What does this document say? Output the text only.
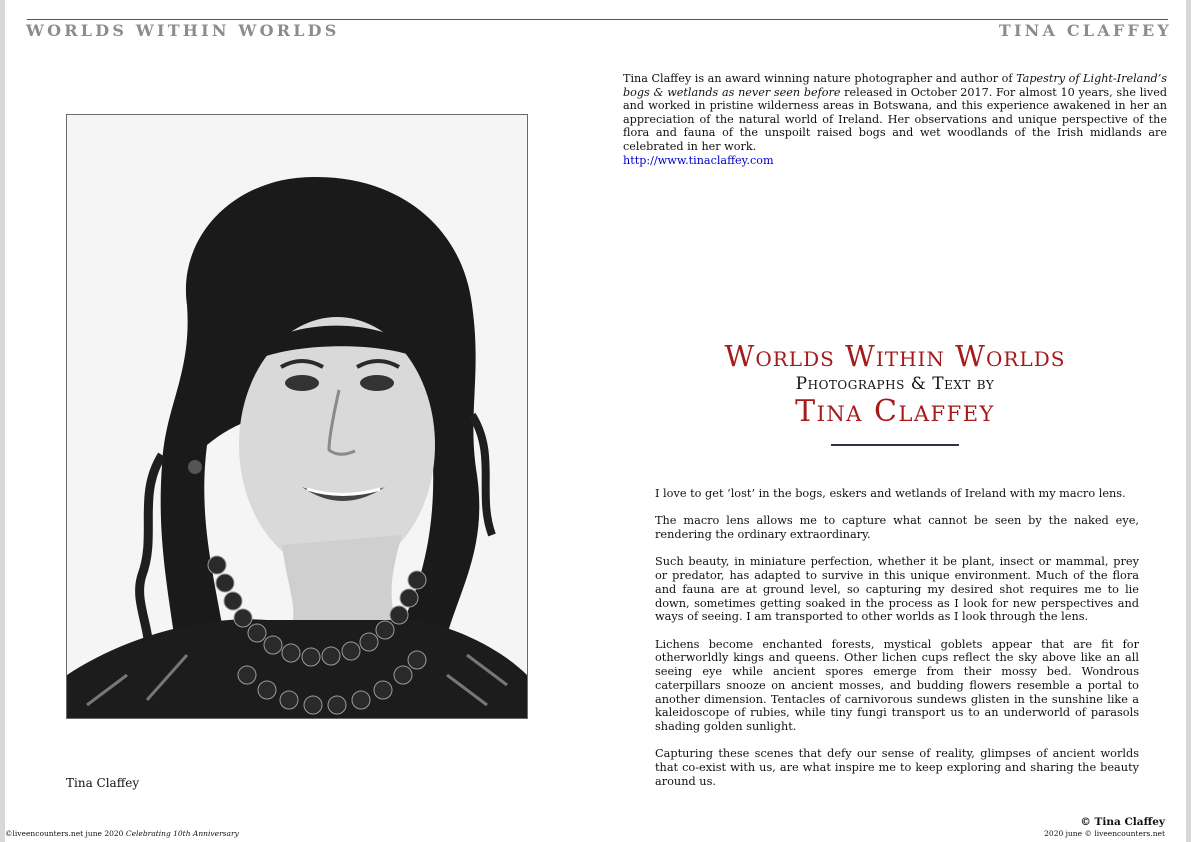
WORLDS WITHIN WORLDS	TINA CLAFFEY
Tina Claffey

Tina Claffey is an award winning nature photographer and author of Tapestry of Light-Ireland’s bogs & wetlands as never seen before released in October 2017. For almost 10 years, she lived and worked in pristine wilderness areas in Botswana, and this experience awakened in her an appreciation of the natural world of Ireland. Her observations and unique perspective of the flora and fauna of the unspoilt raised bogs and wet woodlands of the Irish midlands are celebrated in her work.

http://www.tinaclaffey.com
Worlds Within Worlds
Photographs & Text by
Tina Claffey

I love to get ‘lost’ in the bogs, eskers and wetlands of Ireland with my macro lens.

The macro lens allows me to capture what cannot be seen by the naked eye, rendering the ordinary extraordinary.

Such beauty, in miniature perfection, whether it be plant, insect or mammal, prey or predator, has adapted to survive in this unique environment. Much of the flora and fauna are at ground level, so capturing my desired shot requires me to lie down, sometimes getting soaked in the process as I look for new perspectives and ways of seeing. I am transported to other worlds as I look through the lens.

Lichens become enchanted forests, mystical goblets appear that are fit for otherworldly kings and queens. Other lichen cups reflect the sky above like an all seeing eye while ancient spores emerge from their mossy bed. Wondrous caterpillars snooze on ancient mosses, and budding flowers resemble a portal to another dimension. Tentacles of carnivorous sundews glisten in the sunshine like a kaleidoscope of rubies, while tiny fungi transport us to an underworld of parasols shading golden sunlight.

Capturing these scenes that defy our sense of reality, glimpses of ancient worlds that co-exist with us, are what inspire me to keep exploring and sharing the beauty around us.

© Tina Claffey
©liveencounters.net june 2020 Celebrating 10th Anniversary	2020 june © liveencounters.net
